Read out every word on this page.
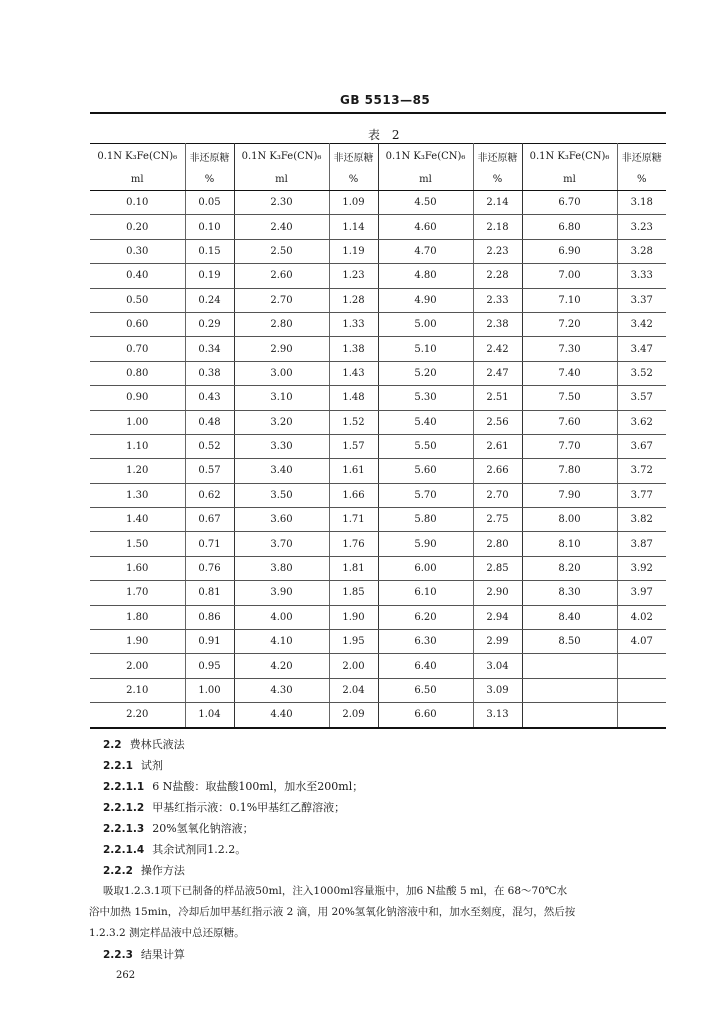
GB 5513—85
表 2
0.1N K₃Fe(CN)₆	非还原糖	0.1N K₃Fe(CN)₆	非还原糖	0.1N K₃Fe(CN)₆	非还原糖	0.1N K₃Fe(CN)₆	非还原糖
ml	%	ml	%	ml	%	ml	%
0.10	0.05	2.30	1.09	4.50	2.14	6.70	3.18
0.20	0.10	2.40	1.14	4.60	2.18	6.80	3.23
0.30	0.15	2.50	1.19	4.70	2.23	6.90	3.28
0.40	0.19	2.60	1.23	4.80	2.28	7.00	3.33
0.50	0.24	2.70	1.28	4.90	2.33	7.10	3.37
0.60	0.29	2.80	1.33	5.00	2.38	7.20	3.42
0.70	0.34	2.90	1.38	5.10	2.42	7.30	3.47
0.80	0.38	3.00	1.43	5.20	2.47	7.40	3.52
0.90	0.43	3.10	1.48	5.30	2.51	7.50	3.57
1.00	0.48	3.20	1.52	5.40	2.56	7.60	3.62
1.10	0.52	3.30	1.57	5.50	2.61	7.70	3.67
1.20	0.57	3.40	1.61	5.60	2.66	7.80	3.72
1.30	0.62	3.50	1.66	5.70	2.70	7.90	3.77
1.40	0.67	3.60	1.71	5.80	2.75	8.00	3.82
1.50	0.71	3.70	1.76	5.90	2.80	8.10	3.87
1.60	0.76	3.80	1.81	6.00	2.85	8.20	3.92
1.70	0.81	3.90	1.85	6.10	2.90	8.30	3.97
1.80	0.86	4.00	1.90	6.20	2.94	8.40	4.02
1.90	0.91	4.10	1.95	6.30	2.99	8.50	4.07
2.00	0.95	4.20	2.00	6.40	3.04		
2.10	1.00	4.30	2.04	6.50	3.09		
2.20	1.04	4.40	2.09	6.60	3.13		
2.2 费林氏液法
2.2.1 试剂
2.2.1.1 6 N盐酸：取盐酸100ml，加水至200ml；
2.2.1.2 甲基红指示液：0.1%甲基红乙醇溶液；
2.2.1.3 20%氢氧化钠溶液；
2.2.1.4 其余试剂同1.2.2。
2.2.2 操作方法
吸取1.2.3.1项下已制备的样品液50ml，注入1000ml容量瓶中，加6 N盐酸 5 ml，在 68～70℃水
浴中加热 15min，冷却后加甲基红指示液 2 滴，用 20%氢氧化钠溶液中和，加水至刻度，混匀，然后按
1.2.3.2 测定样品液中总还原糖。
2.2.3 结果计算
262
